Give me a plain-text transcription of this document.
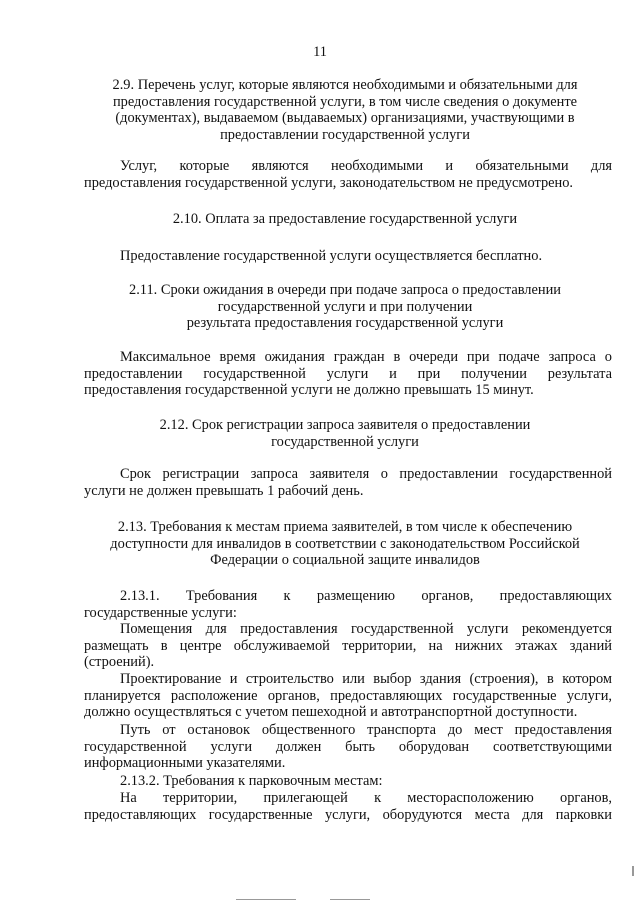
11
2.9. Перечень услуг, которые являются необходимыми и обязательными для
предоставления государственной услуги, в том числе сведения о документе
(документах), выдаваемом (выдаваемых) организациями, участвующими в
предоставлении государственной услуги
Услуг, которые являются необходимыми и обязательными для
предоставления государственной услуги, законодательством не предусмотрено.
2.10. Оплата за предоставление государственной услуги
Предоставление государственной услуги осуществляется бесплатно.
2.11. Сроки ожидания в очереди при подаче запроса о предоставлении
государственной услуги и при получении
результата предоставления государственной услуги
Максимальное время ожидания граждан в очереди при подаче запроса о
предоставлении государственной услуги и при получении результата
предоставления государственной услуги не должно превышать 15 минут.
2.12. Срок регистрации запроса заявителя о предоставлении
государственной услуги
Срок регистрации запроса заявителя о предоставлении государственной
услуги не должен превышать 1 рабочий день.
2.13. Требования к местам приема заявителей, в том числе к обеспечению
доступности для инвалидов в соответствии с законодательством Российской
Федерации о социальной защите инвалидов
2.13.1. Требования к размещению органов, предоставляющих
государственные услуги:
Помещения для предоставления государственной услуги рекомендуется
размещать в центре обслуживаемой территории, на нижних этажах зданий
(строений).
Проектирование и строительство или выбор здания (строения), в котором
планируется расположение органов, предоставляющих государственные услуги,
должно осуществляться с учетом пешеходной и автотранспортной доступности.
Путь от остановок общественного транспорта до мест предоставления
государственной услуги должен быть оборудован соответствующими
информационными указателями.
2.13.2. Требования к парковочным местам:
На территории, прилегающей к месторасположению органов,
предоставляющих государственные услуги, оборудуются места для парковки
